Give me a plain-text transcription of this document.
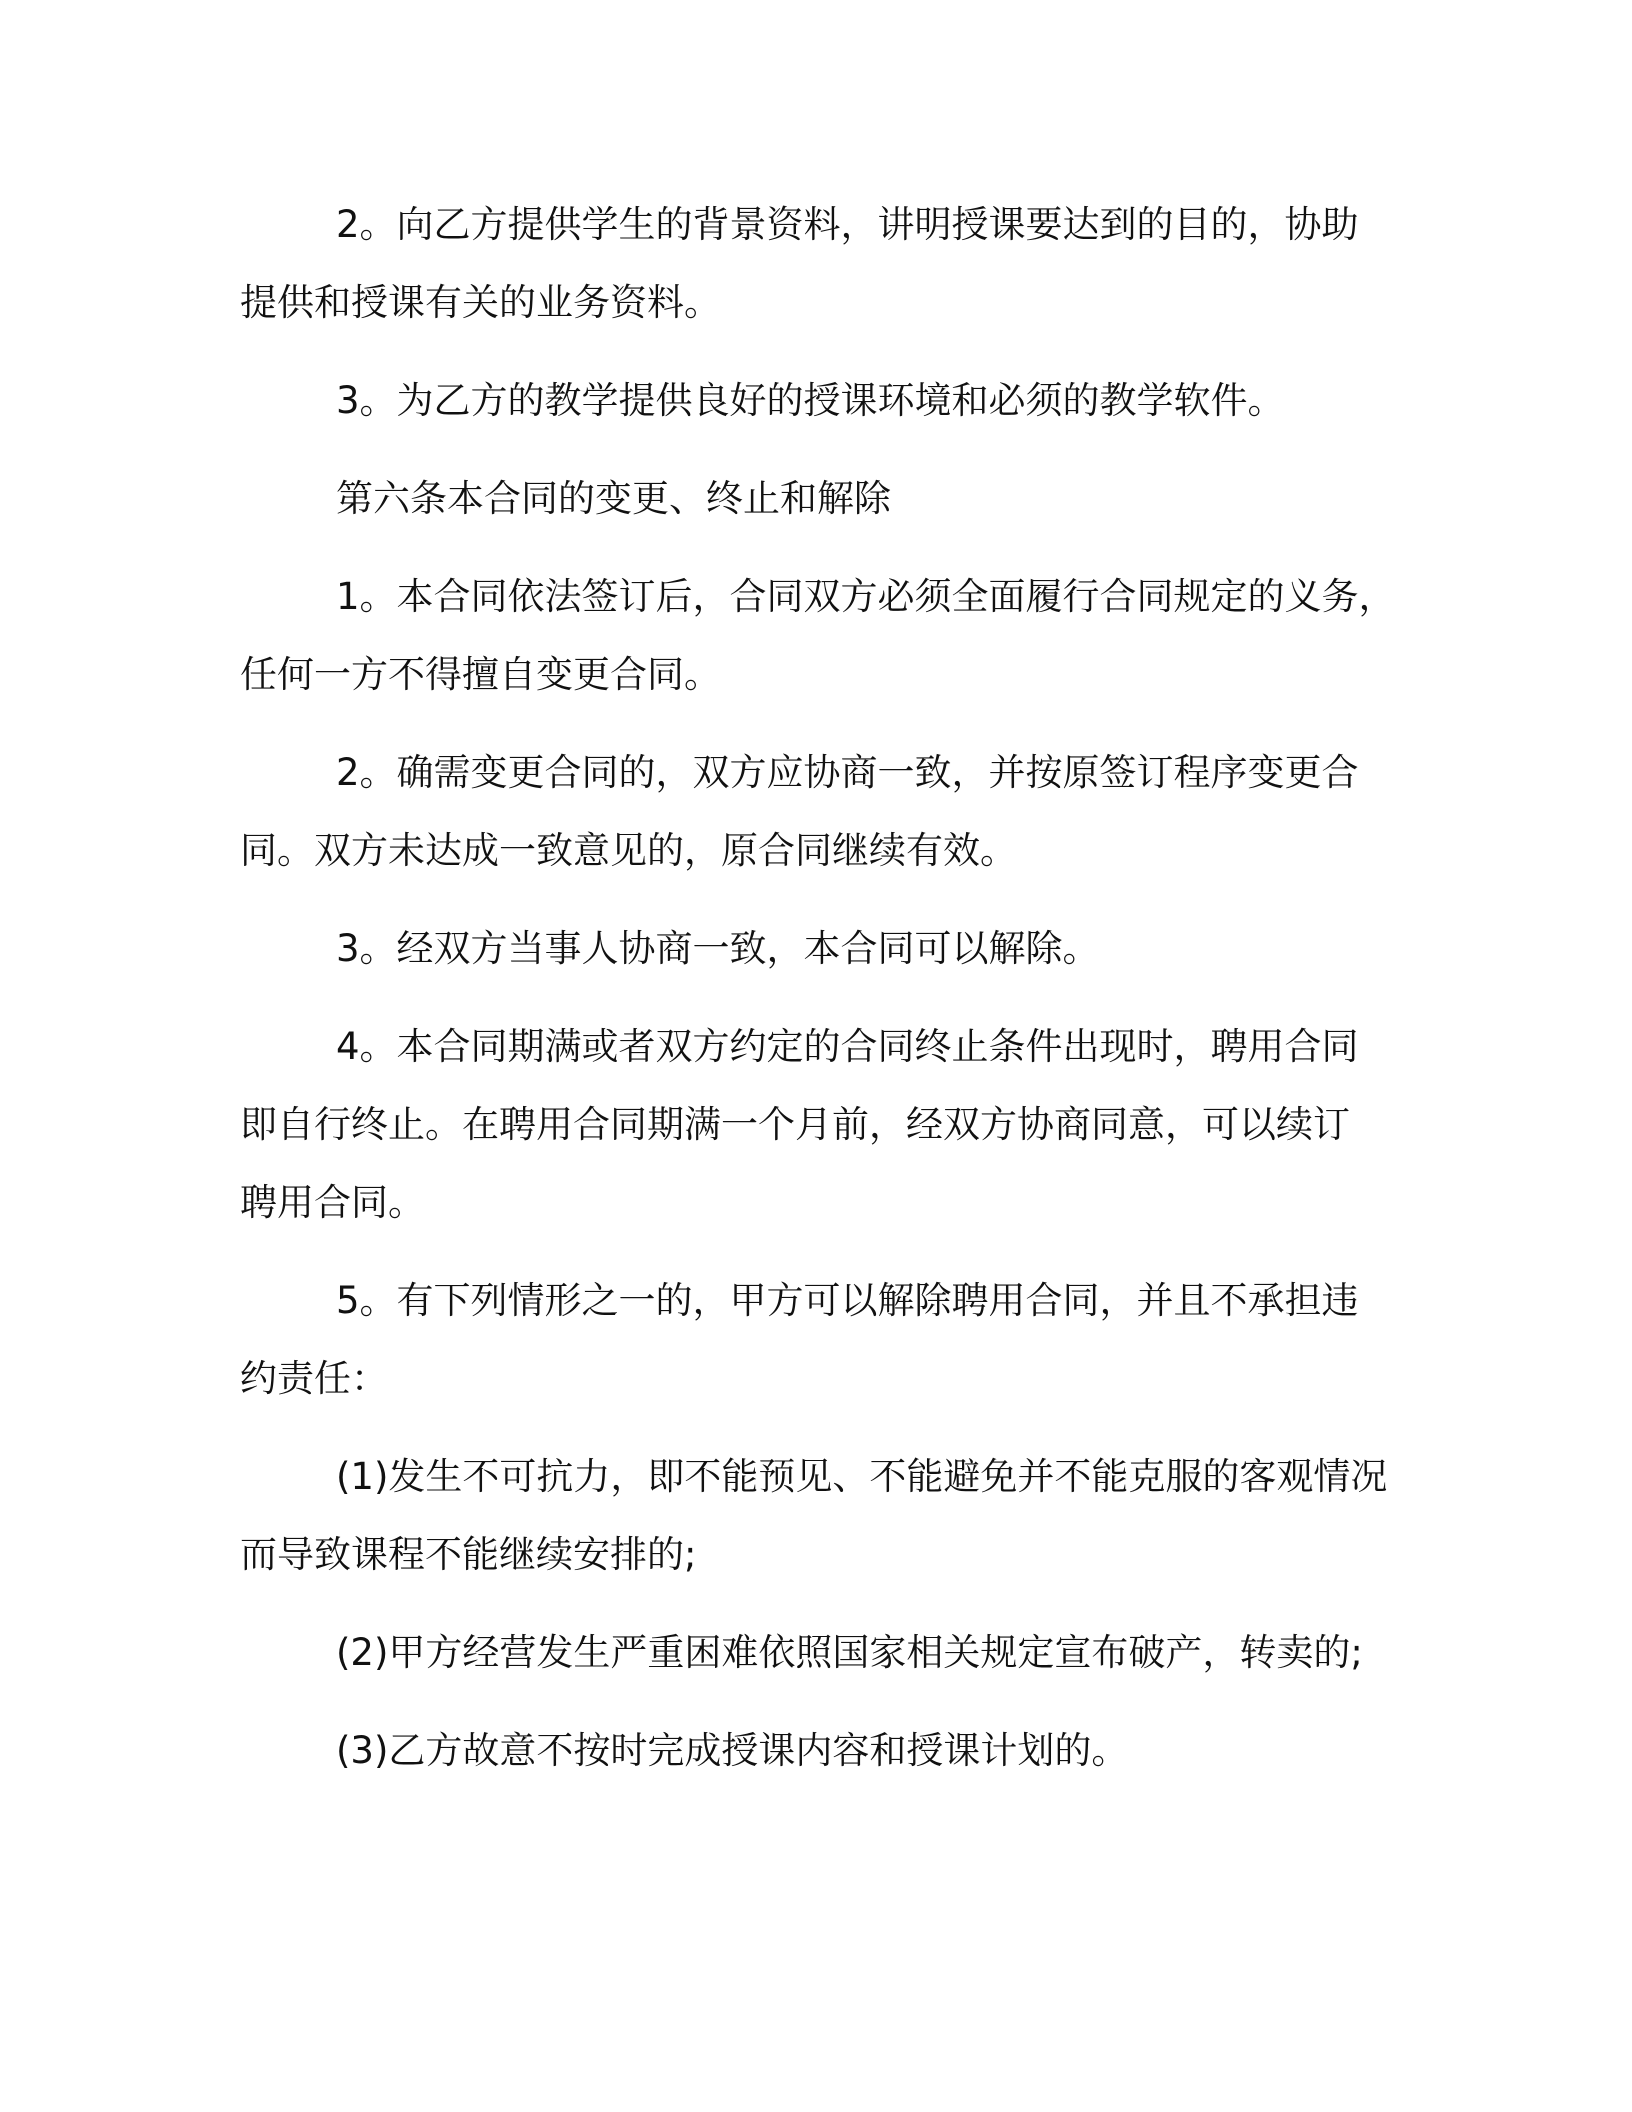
2。向乙方提供学生的背景资料，讲明授课要达到的目的，协助
提供和授课有关的业务资料。

3。为乙方的教学提供良好的授课环境和必须的教学软件。

第六条本合同的变更、终止和解除

1。本合同依法签订后，合同双方必须全面履行合同规定的义务，
任何一方不得擅自变更合同。

2。确需变更合同的，双方应协商一致，并按原签订程序变更合
同。双方未达成一致意见的，原合同继续有效。

3。经双方当事人协商一致，本合同可以解除。

4。本合同期满或者双方约定的合同终止条件出现时，聘用合同
即自行终止。在聘用合同期满一个月前，经双方协商同意，可以续订
聘用合同。

5。有下列情形之一的，甲方可以解除聘用合同，并且不承担违
约责任：

(1)发生不可抗力，即不能预见、不能避免并不能克服的客观情况
而导致课程不能继续安排的;

(2)甲方经营发生严重困难依照国家相关规定宣布破产，转卖的;

(3)乙方故意不按时完成授课内容和授课计划的。
